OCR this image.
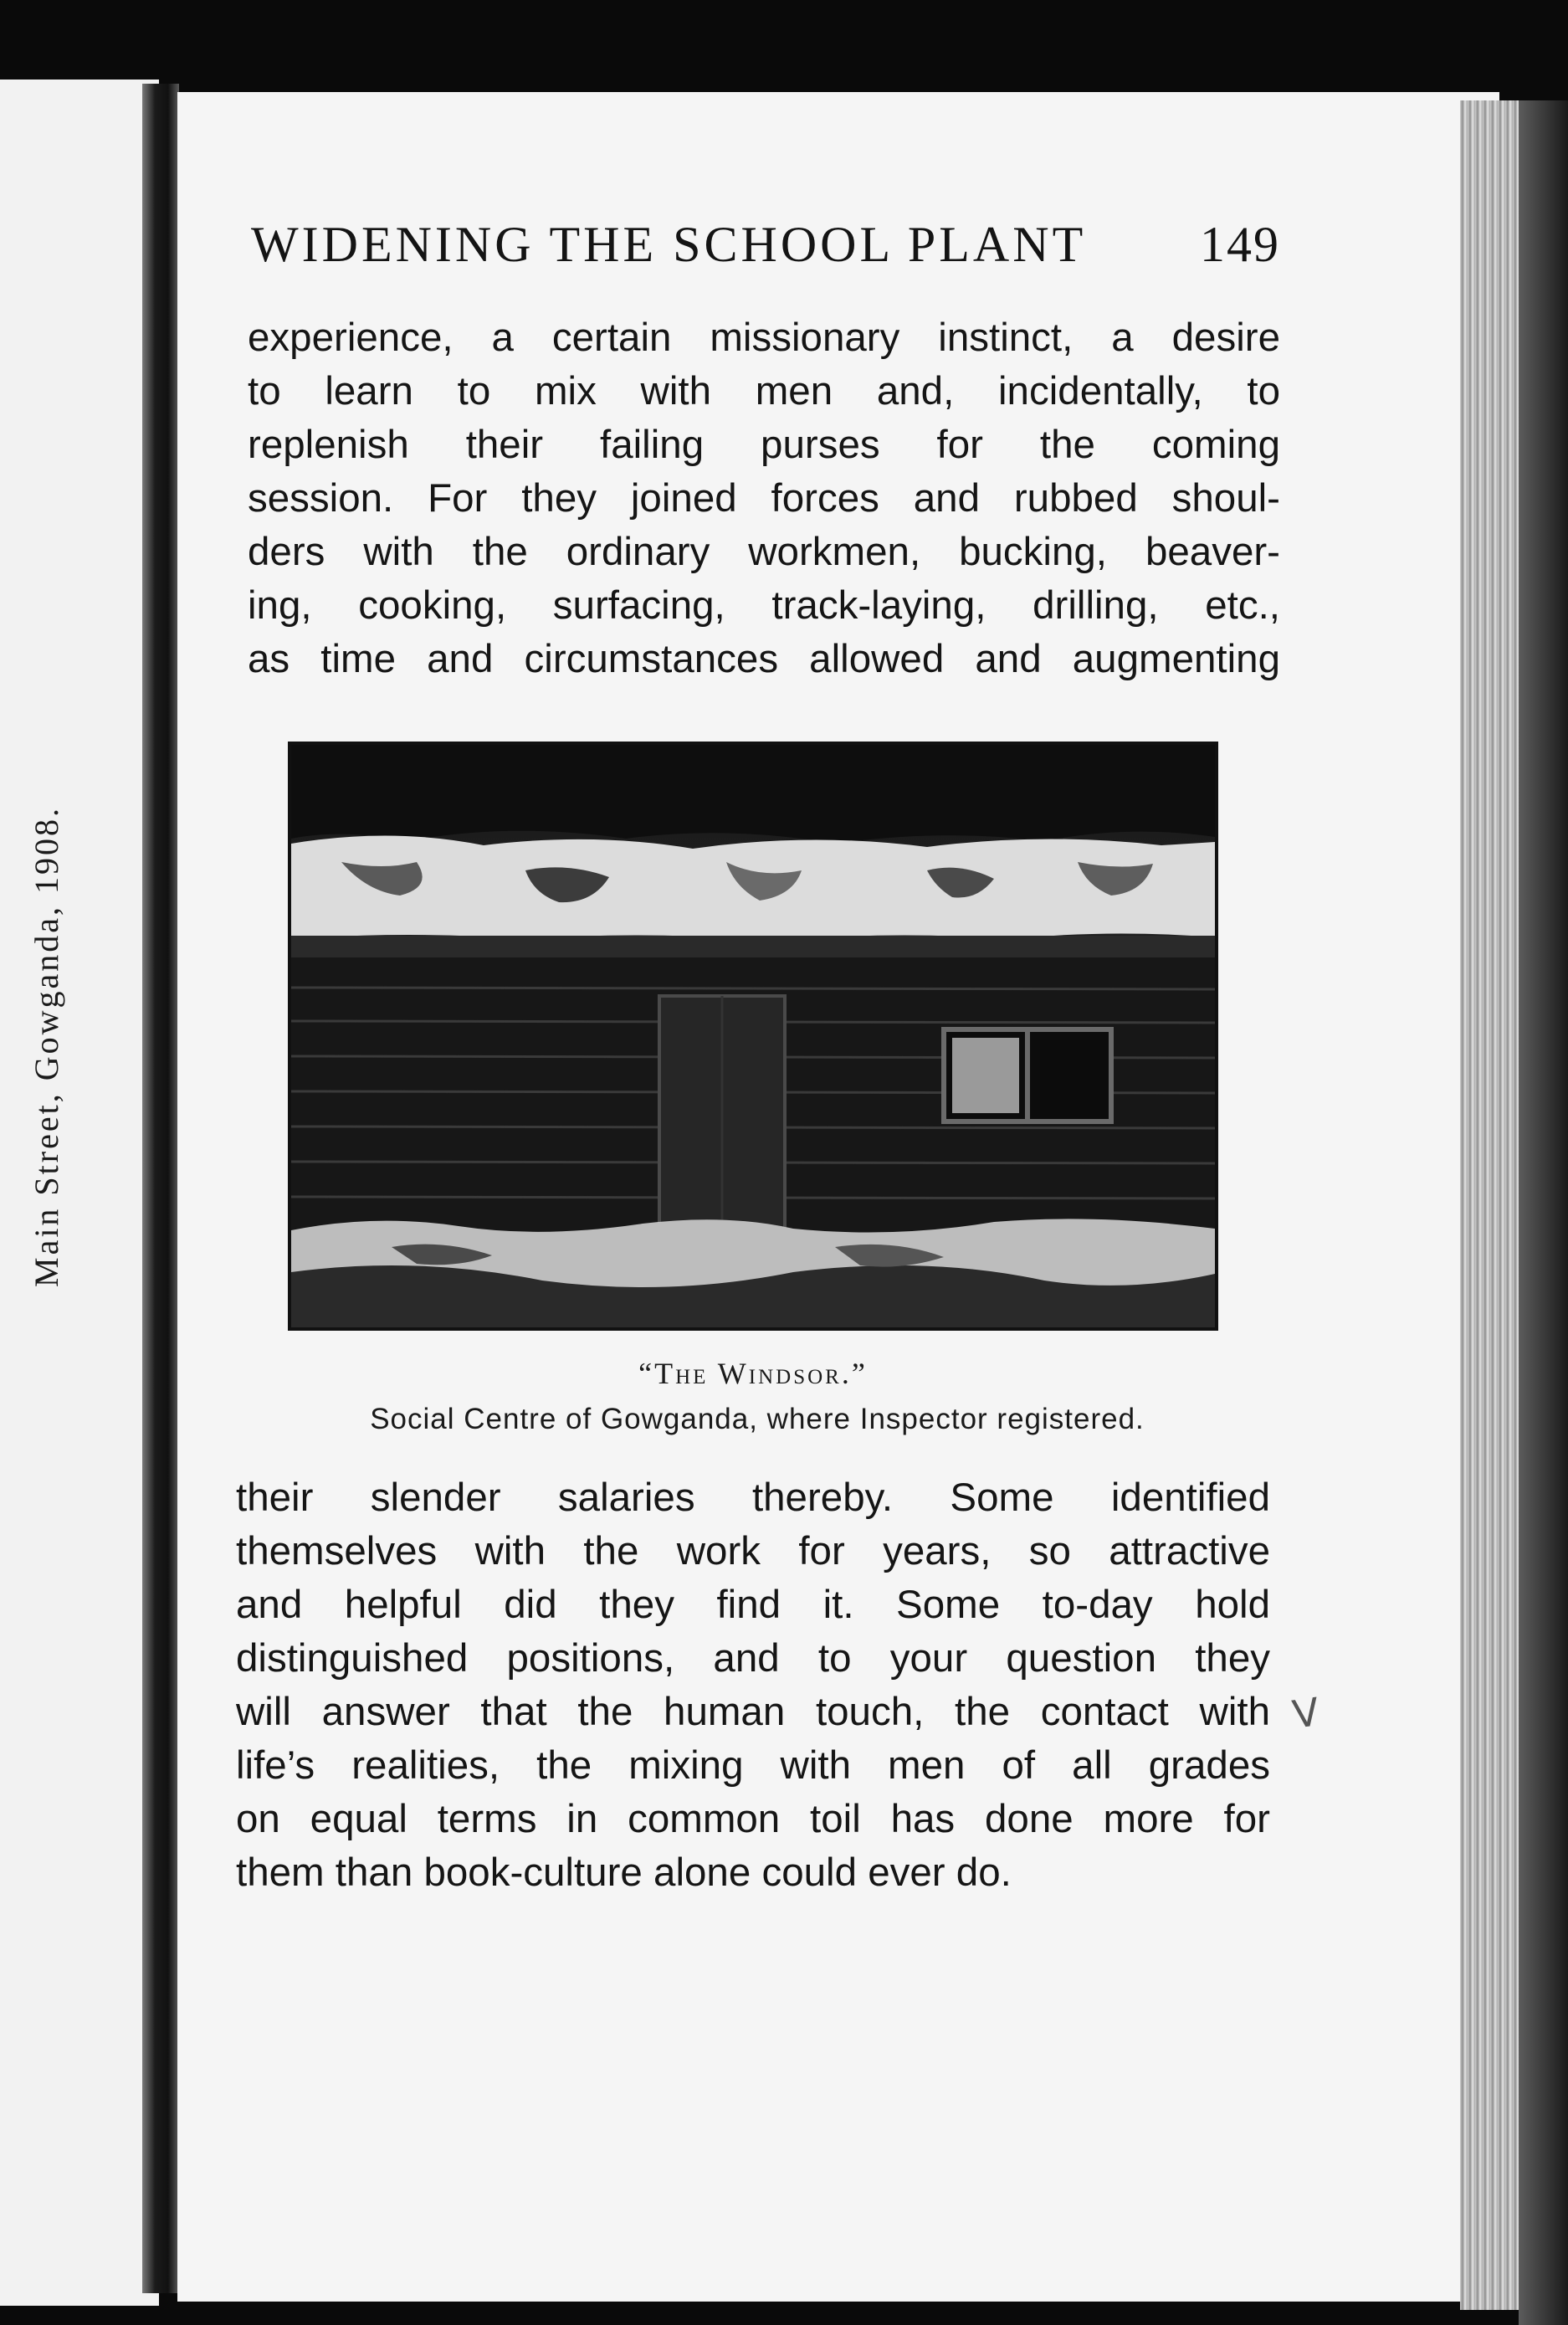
Main Street, Gowganda, 1908.
WIDENING THE SCHOOL PLANT 149
experience, a certain missionary instinct, a desire
to learn to mix with men and, incidentally, to
replenish their failing purses for the coming
session. For they joined forces and rubbed shoul-
ders with the ordinary workmen, bucking, beaver-
ing, cooking, surfacing, track-laying, drilling, etc.,
as time and circumstances allowed and augmenting
“The Windsor.”
Social Centre of Gowganda, where Inspector registered.
their slender salaries thereby. Some identified
themselves with the work for years, so attractive
and helpful did they find it. Some to-day hold
distinguished positions, and to your question they
will answer that the human touch, the contact with
life’s realities, the mixing with men of all grades
on equal terms in common toil has done more for
them than book-culture alone could ever do.
V
